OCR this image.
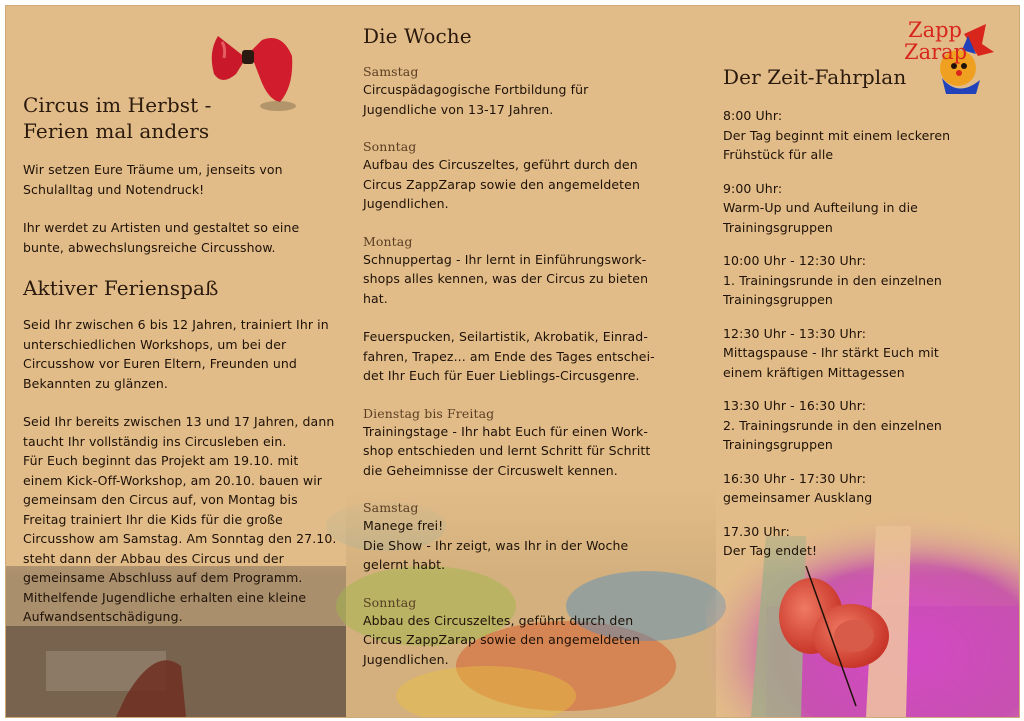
Zapp
Zarap
Circus im Herbst -
Ferien mal anders

Wir setzen Eure Träume um, jenseits von Schulalltag und Notendruck!

Ihr werdet zu Artisten und gestaltet so eine bunte, abwechslungsreiche Circusshow.

Aktiver Ferienspaß

Seid Ihr zwischen 6 bis 12 Jahren, trainiert Ihr in unterschiedlichen Workshops, um bei der Circusshow vor Euren Eltern, Freunden und Bekannten zu glänzen.

Seid Ihr bereits zwischen 13 und 17 Jahren, dann taucht Ihr vollständig ins Circusleben ein.
Für Euch beginnt das Projekt am 19.10. mit einem Kick-Off-Workshop, am 20.10. bauen wir gemeinsam den Circus auf, von Montag bis Freitag trainiert Ihr die Kids für die große Circusshow am Samstag. Am Sonntag den 27.10. steht dann der Abbau des Circus und der gemeinsame Abschluss auf dem Programm. Mithelfende Jugendliche erhalten eine kleine Aufwandsentschädigung.

Die Woche
Samstag

Circuspädagogische Fortbildung für Jugendliche von 13-17 Jahren.

Sonntag

Aufbau des Circuszeltes, geführt durch den Circus ZappZarap sowie den angemeldeten Jugendlichen.

Montag

Schnuppertag - Ihr lernt in Einführungswork-shops alles kennen, was der Circus zu bieten hat.

Feuerspucken, Seilartistik, Akrobatik, Einrad-fahren, Trapez... am Ende des Tages entschei-det Ihr Euch für Euer Lieblings-Circusgenre.

Dienstag bis Freitag

Trainingstage - Ihr habt Euch für einen Work-shop entschieden und lernt Schritt für Schritt die Geheimnisse der Circuswelt kennen.

Samstag

Manege frei!
Die Show - Ihr zeigt, was Ihr in der Woche gelernt habt.

Sonntag

Abbau des Circuszeltes, geführt durch den Circus ZappZarap sowie den angemeldeten Jugendlichen.

Der Zeit-Fahrplan

8:00 Uhr:

Der Tag beginnt mit einem leckeren Frühstück für alle

9:00 Uhr:

Warm-Up und Aufteilung in die Trainingsgruppen

10:00 Uhr - 12:30 Uhr:

1. Trainingsrunde in den einzelnen Trainingsgruppen

12:30 Uhr - 13:30 Uhr:

Mittagspause - Ihr stärkt Euch mit einem kräftigen Mittagessen

13:30 Uhr - 16:30 Uhr:

2. Trainingsrunde in den einzelnen Trainingsgruppen

16:30 Uhr - 17:30 Uhr:

gemeinsamer Ausklang

17.30 Uhr:

Der Tag endet!
